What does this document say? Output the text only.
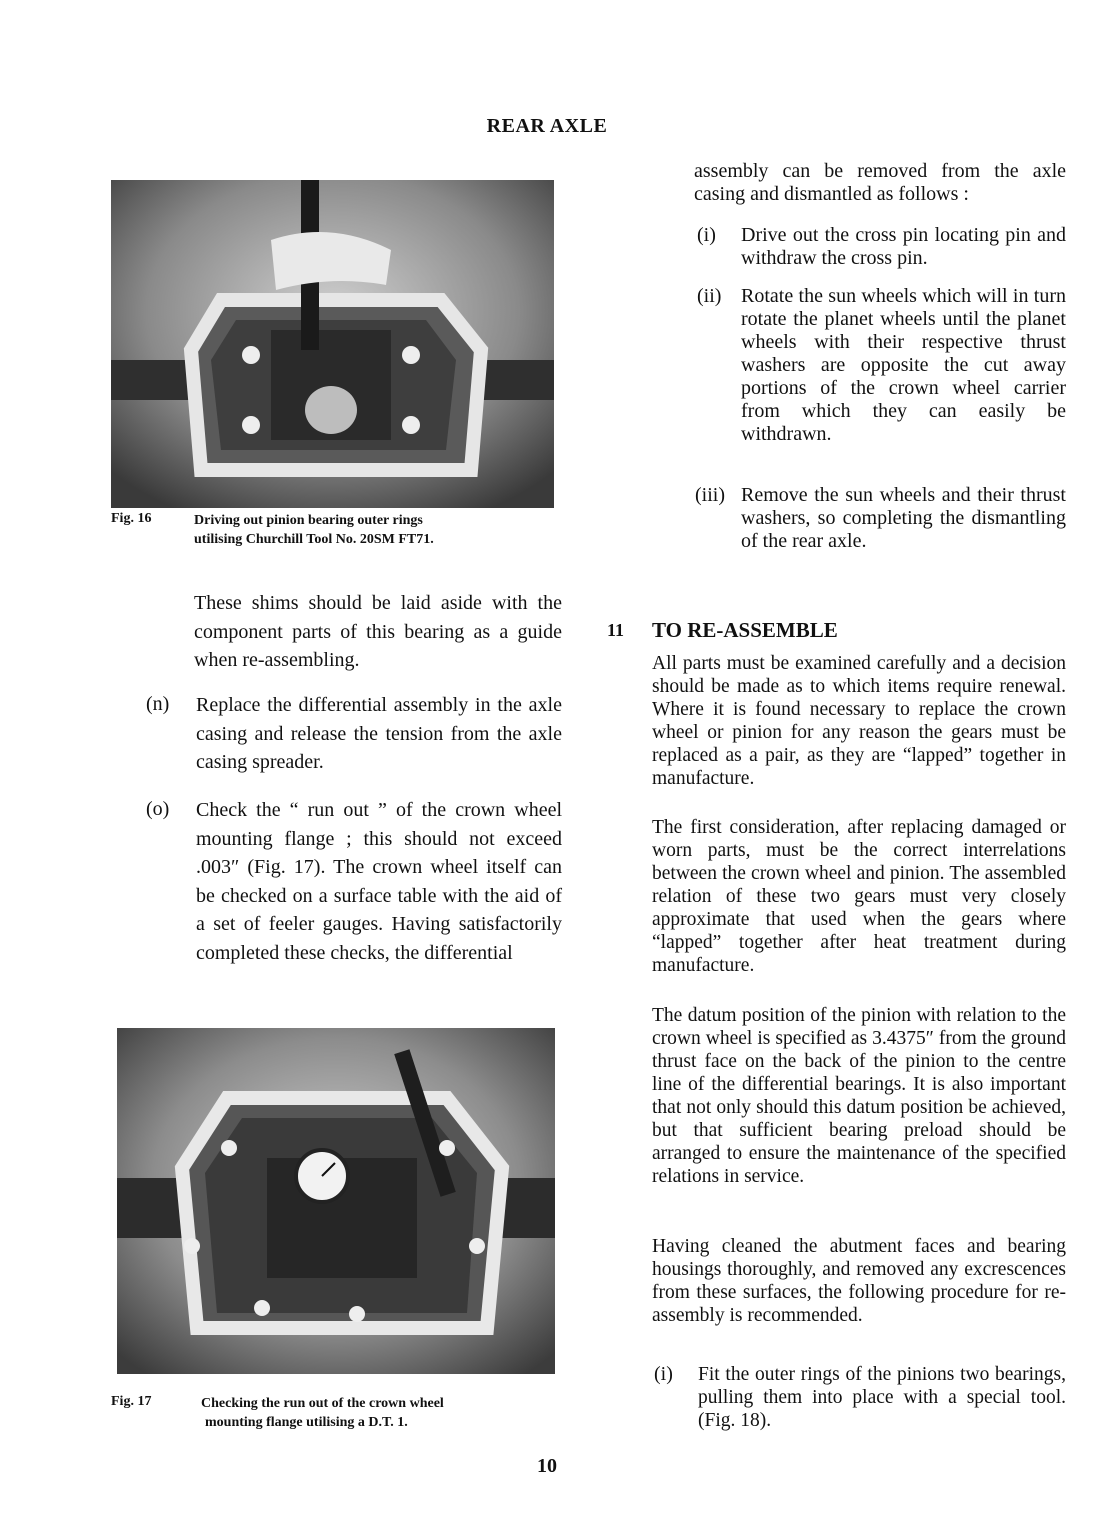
REAR AXLE
Fig. 16	Driving out pinion bearing outer rings
utilising Churchill Tool No. 20SM FT71.
These shims should be laid aside with the component parts of this bearing as a guide when re-assembling.
(n) Replace the differential assembly in the axle casing and release the tension from the axle casing spreader.
(o) Check the “ run out ” of the crown wheel mounting flange ; this should not exceed .003″ (Fig. 17). The crown wheel itself can be checked on a surface table with the aid of a set of feeler gauges. Having satisfactorily completed these checks, the differential
Fig. 17	Checking the run out of the crown wheel
mounting flange utilising a D.T. 1.
assembly can be removed from the axle casing and dismantled as follows :
(i) Drive out the cross pin locating pin and withdraw the cross pin.
(ii) Rotate the sun wheels which will in turn rotate the planet wheels until the planet wheels with their respective thrust washers are opposite the cut away portions of the crown wheel carrier from which they can easily be withdrawn.
(iii) Remove the sun wheels and their thrust washers, so completing the dismantling of the rear axle.
11 TO RE-ASSEMBLE
All parts must be examined carefully and a decision should be made as to which items require renewal. Where it is found necessary to replace the crown wheel or pinion for any reason the gears must be replaced as a pair, as they are “lapped” together in manufacture.
The first consideration, after replacing damaged or worn parts, must be the correct interrelations between the crown wheel and pinion. The assembled relation of these two gears must very closely approximate that used when the gears where “lapped” together after heat treatment during manufacture.
The datum position of the pinion with relation to the crown wheel is specified as 3.4375″ from the ground thrust face on the back of the pinion to the centre line of the differential bearings. It is also important that not only should this datum position be achieved, but that sufficient bearing preload should be arranged to ensure the maintenance of the specified relations in service.
Having cleaned the abutment faces and bearing housings thoroughly, and removed any excrescences from these surfaces, the following procedure for re-assembly is recommended.
(i) Fit the outer rings of the pinions two bearings, pulling them into place with a special tool. (Fig. 18).
10
